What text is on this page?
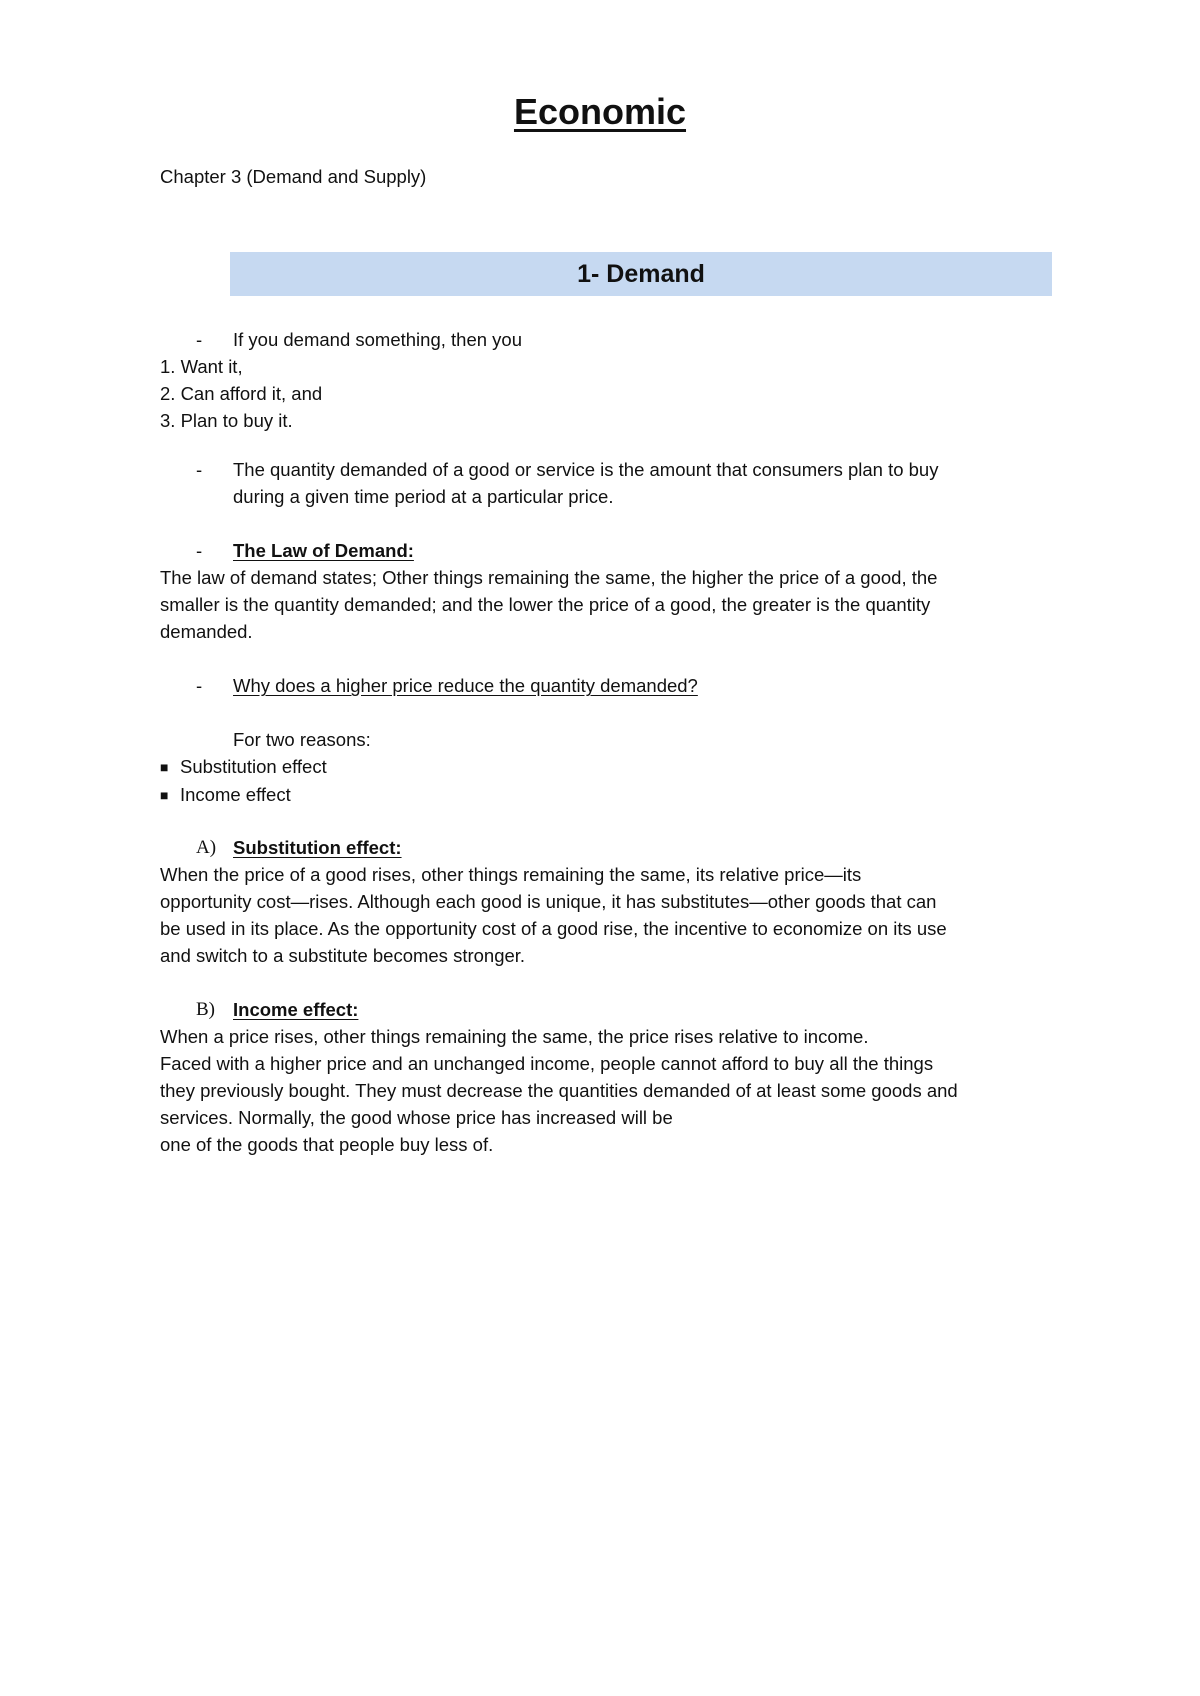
Economic
Chapter 3 (Demand and Supply)
1- Demand
- If you demand something, then you
1. Want it,
2. Can afford it, and
3. Plan to buy it.
- The quantity demanded of a good or service is the amount that consumers plan to buy
during a given time period at a particular price.
- The Law of Demand:
The law of demand states; Other things remaining the same, the higher the price of a good, the
smaller is the quantity demanded; and the lower the price of a good, the greater is the quantity
demanded.
- Why does a higher price reduce the quantity demanded?
For two reasons:
■ Substitution effect
■ Income effect
A) Substitution effect:
When the price of a good rises, other things remaining the same, its relative price—its
opportunity cost—rises. Although each good is unique, it has substitutes—other goods that can
be used in its place. As the opportunity cost of a good rise, the incentive to economize on its use
and switch to a substitute becomes stronger.
B) Income effect:
When a price rises, other things remaining the same, the price rises relative to income.
Faced with a higher price and an unchanged income, people cannot afford to buy all the things
they previously bought. They must decrease the quantities demanded of at least some goods and
services. Normally, the good whose price has increased will be
one of the goods that people buy less of.
